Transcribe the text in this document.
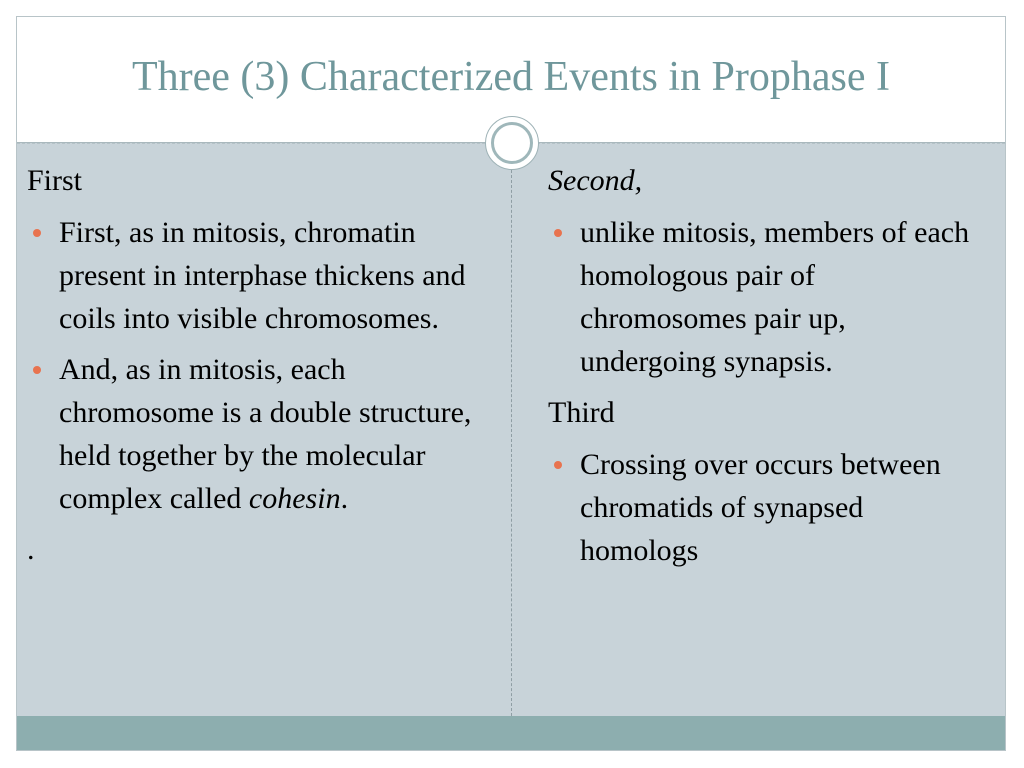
Three (3) Characterized Events in Prophase I

First

First, as in mitosis, chromatin present in interphase thickens and coils into visible chromosomes.
And, as in mitosis, each chromosome is a double structure, held together by the molecular complex called cohesin.

.

Second,

unlike mitosis, members of each homologous pair of chromosomes pair up, undergoing synapsis.

Third

Crossing over occurs between chromatids of synapsed homologs
